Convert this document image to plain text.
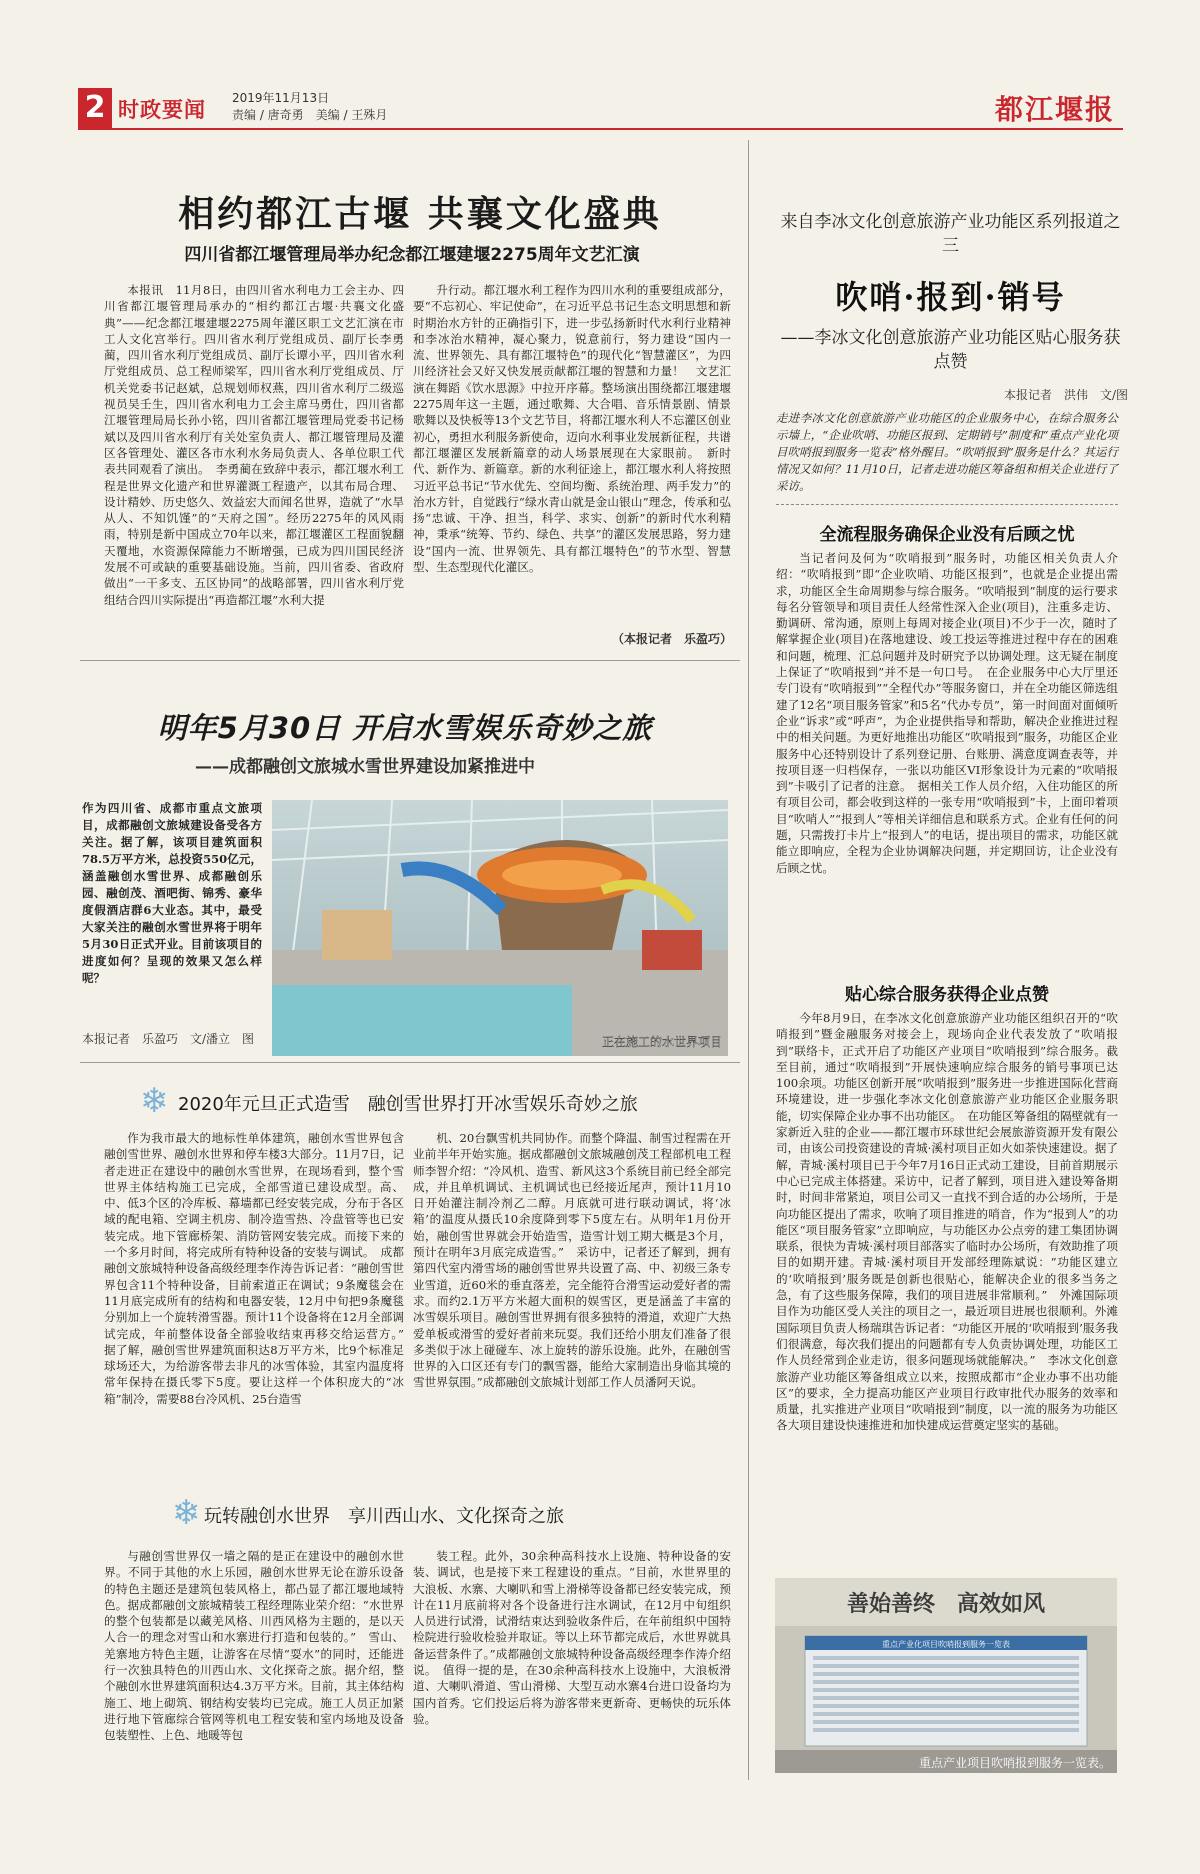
2 时政要闻 2019年11月13日
责编 / 唐奇勇　美编 / 王殊月	都江堰报
相约都江古堰 共襄文化盛典
四川省都江堰管理局举办纪念都江堰建堰2275周年文艺汇演
本报讯　11月8日，由四川省水利电力工会主办、四川省都江堰管理局承办的“相约都江古堰·共襄文化盛典”——纪念都江堰建堰2275周年灌区职工文艺汇演在市工人文化宫举行。四川省水利厅党组成员、副厅长李勇蔺，四川省水利厅党组成员、副厅长谭小平，四川省水利厅党组成员、总工程师梁军，四川省水利厅党组成员、厅机关党委书记赵斌，总规划师权燕，四川省水利厅二级巡视员吴壬生，四川省水利电力工会主席马勇仕，四川省都江堰管理局局长孙小铭，四川省都江堰管理局党委书记杨斌以及四川省水利厅有关处室负责人、都江堰管理局及灌区各管理处、灌区各市水利水务局负责人、各单位职工代表共同观看了演出。　李勇蔺在致辞中表示，都江堰水利工程是世界文化遗产和世界灌溉工程遗产，以其布局合理、设计精妙、历史悠久、效益宏大而闻名世界，造就了“水旱从人、不知饥馑”的“天府之国”。经历2275年的风风雨雨，特别是新中国成立70年以来，都江堰灌区工程面貌翻天覆地，水资源保障能力不断增强，已成为四川国民经济发展不可或缺的重要基础设施。当前，四川省委、省政府做出“一干多支、五区协同”的战略部署，四川省水利厅党组结合四川实际提出“再造都江堰”水利大提
升行动。都江堰水利工程作为四川水利的重要组成部分，要“不忘初心、牢记使命”，在习近平总书记生态文明思想和新时期治水方针的正确指引下，进一步弘扬新时代水利行业精神和李冰治水精神，凝心聚力，锐意前行，努力建设“国内一流、世界领先、具有都江堰特色”的现代化“智慧灌区”，为四川经济社会又好又快发展贡献都江堰的智慧和力量！　文艺汇演在舞蹈《饮水思源》中拉开序幕。整场演出围绕都江堰建堰2275周年这一主题，通过歌舞、大合唱、音乐情景剧、情景歌舞以及快板等13个文艺节目，将都江堰水利人不忘灌区创业初心，勇担水利服务新使命，迈向水利事业发展新征程，共谱都江堰灌区发展新篇章的动人场景展现在大家眼前。　新时代、新作为、新篇章。新的水利征途上，都江堰水利人将按照习近平总书记“节水优先、空间均衡、系统治理、两手发力”的治水方针，自觉践行“绿水青山就是金山银山”理念，传承和弘扬“忠诚、干净、担当，科学、求实、创新”的新时代水利精神，秉承“统筹、节约、绿色、共享”的灌区发展思路，努力建设“国内一流、世界领先、具有都江堰特色”的节水型、智慧型、生态型现代化灌区。
（本报记者　乐盈巧）
来自李冰文化创意旅游产业功能区系列报道之三
吹哨·报到·销号
——李冰文化创意旅游产业功能区贴心服务获点赞
本报记者　洪伟　文/图
走进李冰文化创意旅游产业功能区的企业服务中心，在综合服务公示墙上，“企业吹哨、功能区报到、定期销号”制度和“重点产业化项目吹哨报到服务一览表”格外醒目。“吹哨报到”服务是什么？其运行情况又如何？11月10日，记者走进功能区筹备组和相关企业进行了采访。
全流程服务确保企业没有后顾之忧
当记者问及何为“吹哨报到”服务时，功能区相关负责人介绍：“吹哨报到”即“企业吹哨、功能区报到”，也就是企业提出需求，功能区全生命周期参与综合服务。“吹哨报到”制度的运行要求每名分管领导和项目责任人经常性深入企业(项目)，注重多走访、勤调研、常沟通，原则上每周对接企业(项目)不少于一次，随时了解掌握企业(项目)在落地建设、竣工投运等推进过程中存在的困难和问题，梳理、汇总问题并及时研究予以协调处理。这无疑在制度上保证了“吹哨报到”并不是一句口号。　在企业服务中心大厅里还专门设有“吹哨报到”“全程代办”等服务窗口，并在全功能区筛选组建了12名“项目服务管家”和5名“代办专员”，第一时间面对面倾听企业“诉求”或“呼声”，为企业提供指导和帮助，解决企业推进过程中的相关问题。为更好地推出功能区“吹哨报到”服务，功能区企业服务中心还特别设计了系列登记册、台账册、满意度调查表等，并按项目逐一归档保存，一张以功能区VI形象设计为元素的“吹哨报到”卡吸引了记者的注意。　据相关工作人员介绍，入住功能区的所有项目公司，都会收到这样的一张专用“吹哨报到”卡，上面印着项目“吹哨人”“报到人”等相关详细信息和联系方式。企业有任何的问题，只需拨打卡片上“报到人”的电话，提出项目的需求，功能区就能立即响应，全程为企业协调解决问题，并定期回访，让企业没有后顾之忧。
贴心综合服务获得企业点赞
今年8月9日，在李冰文化创意旅游产业功能区组织召开的“吹哨报到”暨金融服务对接会上，现场向企业代表发放了“吹哨报到”联络卡，正式开启了功能区产业项目“吹哨报到”综合服务。截至目前，通过“吹哨报到”开展快速响应综合服务的销号事项已达100余项。功能区创新开展“吹哨报到”服务进一步推进国际化营商环境建设，进一步强化李冰文化创意旅游产业功能区企业服务职能，切实保障企业办事不出功能区。　在功能区筹备组的隔壁就有一家新近入驻的企业——都江堰市环球世纪会展旅游资源开发有限公司，由该公司投资建设的青城·溪村项目正如火如荼快速建设。据了解，青城·溪村项目已于今年7月16日正式动工建设，目前首期展示中心已完成主体搭建。采访中，记者了解到，项目进入建设筹备期时，时间非常紧迫，项目公司又一直找不到合适的办公场所，于是向功能区提出了需求，吹响了项目推进的哨音，作为“报到人”的功能区“项目服务管家”立即响应，与功能区办公点旁的建工集团协调联系，很快为青城·溪村项目部落实了临时办公场所，有效助推了项目的如期开建。青城·溪村项目开发部经理陈斌说：“功能区建立的‘吹哨报到’服务既是创新也很贴心，能解决企业的很多当务之急，有了这些服务保障，我们的项目进展非常顺利。”　外滩国际项目作为功能区受人关注的项目之一，最近项目进展也很顺利。外滩国际项目负责人杨瑞琪告诉记者：“功能区开展的‘吹哨报到’服务我们很满意，每次我们提出的问题都有专人负责协调处理，功能区工作人员经常到企业走访，很多问题现场就能解决。”　李冰文化创意旅游产业功能区筹备组成立以来，按照成都市“企业办事不出功能区”的要求，全力提高功能区产业项目行政审批代办服务的效率和质量，扎实推进产业项目“吹哨报到”制度，以一流的服务为功能区各大项目建设快速推进和加快建成运营奠定坚实的基础。
善始善终　高效如风
重点产业化项目吹哨报到服务一览表
重点产业项目吹哨报到服务一览表。
明年5月30日 开启水雪娱乐奇妙之旅
——成都融创文旅城水雪世界建设加紧推进中
作为四川省、成都市重点文旅项目，成都融创文旅城建设备受各方关注。据了解，该项目建筑面积78.5万平方米，总投资550亿元，涵盖融创水雪世界、成都融创乐园、融创茂、酒吧街、锦秀、豪华度假酒店群6大业态。其中，最受大家关注的融创水雪世界将于明年5月30日正式开业。目前该项目的进度如何？呈现的效果又怎么样呢？
本报记者　乐盈巧　文/潘立　图	正在施工的水世界项目
❄ 2020年元旦正式造雪　融创雪世界打开冰雪娱乐奇妙之旅
作为我市最大的地标性单体建筑，融创水雪世界包含融创雪世界、融创水世界和停车楼3大部分。11月7日，记者走进正在建设中的融创水雪世界，在现场看到，整个雪世界主体结构施工已完成，全部雪道已建设成型。高、中、低3个区的冷库板、幕墙都已经安装完成，分布于各区域的配电箱、空调主机房、制冷造雪热、冷盘管等也已安装完成。地下管廊桥架、消防管网安装完成。而接下来的一个多月时间，将完成所有特种设备的安装与调试。　成都融创文旅城特种设备高级经理李作涛告诉记者：“融创雪世界包含11个特种设备，目前索道正在调试；9条魔毯会在11月底完成所有的结构和电器安装，12月中旬把9条魔毯分别加上一个旋转滑雪器。预计11个设备将在12月全部调试完成，年前整体设备全部验收结束再移交给运营方。”　据了解，融创雪世界建筑面积达8万平方米，比9个标准足球场还大，为给游客带去非凡的冰雪体验，其室内温度将常年保持在摄氏零下5度。要让这样一个体积庞大的“冰箱”制冷，需要88台冷风机、25台造雪
机、20台飘雪机共同协作。而整个降温、制雪过程需在开业前半年开始实施。据成都融创文旅城融创茂工程部机电工程师李智介绍：“冷风机、造雪、新风这3个系统目前已经全部完成，并且单机调试、主机调试也已经接近尾声，预计11月10日开始灌注制冷剂乙二醇。月底就可进行联动调试，将‘冰箱’的温度从摄氏10余度降到零下5度左右。从明年1月份开始，融创雪世界就会开始造雪，造雪计划工期大概是3个月，预计在明年3月底完成造雪。”　采访中，记者还了解到，拥有第四代室内滑雪场的融创雪世界共设置了高、中、初级三条专业雪道，近60米的垂直落差，完全能符合滑雪运动爱好者的需求。而约2.1万平方米超大面积的娱雪区，更是涵盖了丰富的冰雪娱乐项目。融创雪世界拥有很多独特的滑道，欢迎广大热爱单板或滑雪的爱好者前来玩耍。我们还给小朋友们准备了很多类似于冰上碰碰车、冰上旋转的游乐设施。此外，在融创雪世界的入口区还有专门的飘雪器，能给大家制造出身临其境的雪世界氛围。”成都融创文旅城计划部工作人员潘阿天说。
❄ 玩转融创水世界　享川西山水、文化探奇之旅
与融创雪世界仅一墙之隔的是正在建设中的融创水世界。不同于其他的水上乐园，融创水世界无论在游乐设备的特色主题还是建筑包装风格上，都凸显了都江堰地域特色。据成都融创文旅城精装工程经理陈业荣介绍：“水世界的整个包装都是以藏羌风格、川西风格为主题的，是以天人合一的理念对雪山和水寨进行打造和包装的。”　雪山、羌寨地方特色主题，让游客在尽情“耍水”的同时，还能进行一次独具特色的川西山水、文化探奇之旅。据介绍，整个融创水世界建筑面积达4.3万平方米。目前，其主体结构施工、地上砌筑、钢结构安装均已完成。施工人员正加紧进行地下管廊综合管网等机电工程安装和室内场地及设备包装塑性、上色、地暖等包
装工程。此外，30余种高科技水上设施、特种设备的安装、调试，也是接下来工程建设的重点。“目前，水世界里的大浪板、水寨、大喇叭和雪上滑梯等设备都已经安装完成，预计在11月底前将对各个设备进行注水调试，在12月中旬组织人员进行试滑，试滑结束达到验收条件后，在年前组织中国特检院进行验收检验并取证。等以上环节都完成后，水世界就具备运营条件了。”成都融创文旅城特种设备高级经理李作涛介绍说。　值得一提的是，在30余种高科技水上设施中，大浪板滑道、大喇叭滑道、雪山滑梯、大型互动水寨4台进口设备均为国内首秀。它们投运后将为游客带来更新奇、更畅快的玩乐体验。
